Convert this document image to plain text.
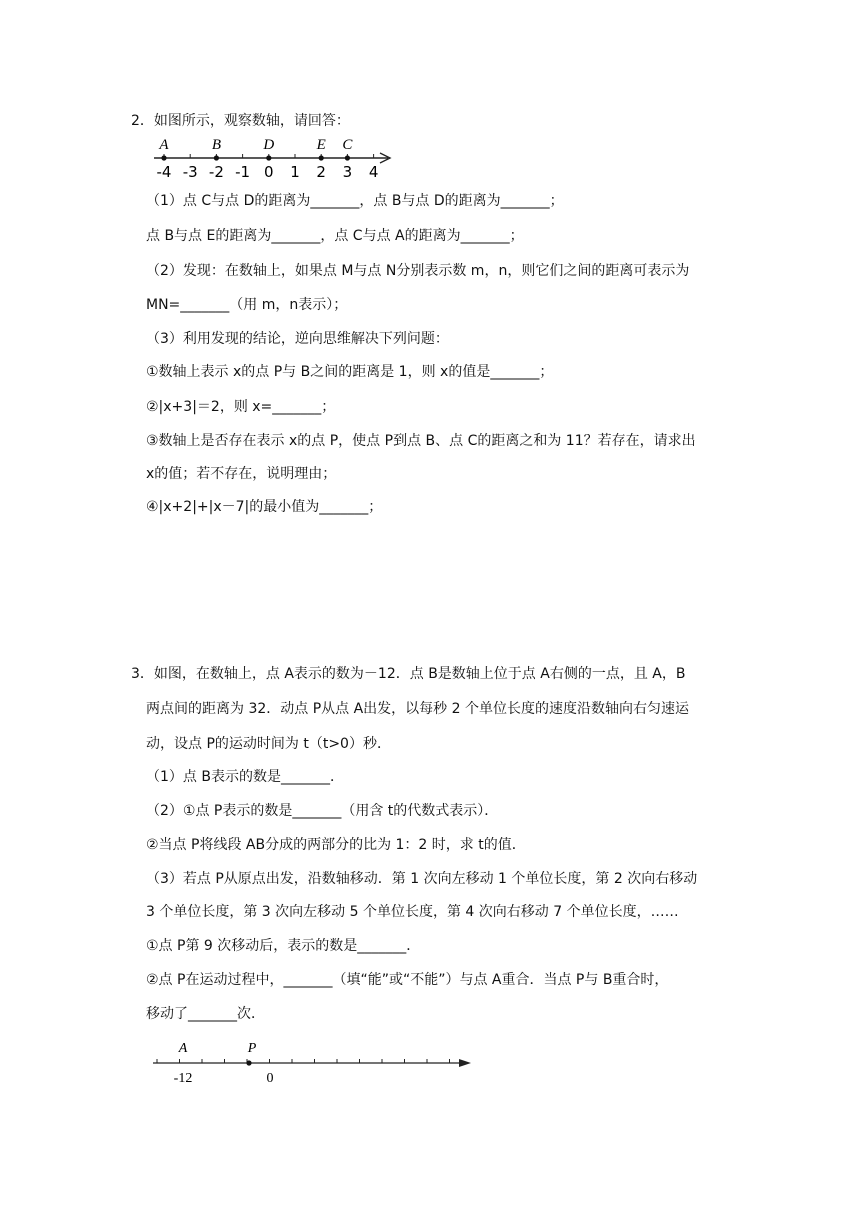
2．如图所示，观察数轴，请回答：
-4 -3 -2 -1 0 1 2 3 4
A	B	D	E C
（1）点 C与点 D的距离为_______，点 B与点 D的距离为_______；
点 B与点 E的距离为_______，点 C与点 A的距离为_______；
（2）发现：在数轴上，如果点 M与点 N分别表示数 m，n，则它们之间的距离可表示为
MN=_______（用 m，n表示）；
（3）利用发现的结论，逆向思维解决下列问题：
①数轴上表示 x的点 P与 B之间的距离是 1，则 x的值是_______；
②|x+3|＝2，则 x=_______；
③数轴上是否存在表示 x的点 P，使点 P到点 B、点 C的距离之和为 11？若存在，请求出
x的值；若不存在，说明理由；
④|x+2|+|x－7|的最小值为_______；
3．如图，在数轴上，点 A表示的数为－12．点 B是数轴上位于点 A右侧的一点，且 A，B
两点间的距离为 32．动点 P从点 A出发，以每秒 2 个单位长度的速度沿数轴向右匀速运
动，设点 P的运动时间为 t（t>0）秒．
（1）点 B表示的数是_______．
（2）①点 P表示的数是_______（用含 t的代数式表示）．
②当点 P将线段 AB分成的两部分的比为 1：2 时，求 t的值．
（3）若点 P从原点出发，沿数轴移动．第 1 次向左移动 1 个单位长度，第 2 次向右移动
3 个单位长度，第 3 次向左移动 5 个单位长度，第 4 次向右移动 7 个单位长度，……
①点 P第 9 次移动后，表示的数是_______．
②点 P在运动过程中，_______（填“能”或“不能”）与点 A重合．当点 P与 B重合时，
移动了_______次．
A	P
-12	0
